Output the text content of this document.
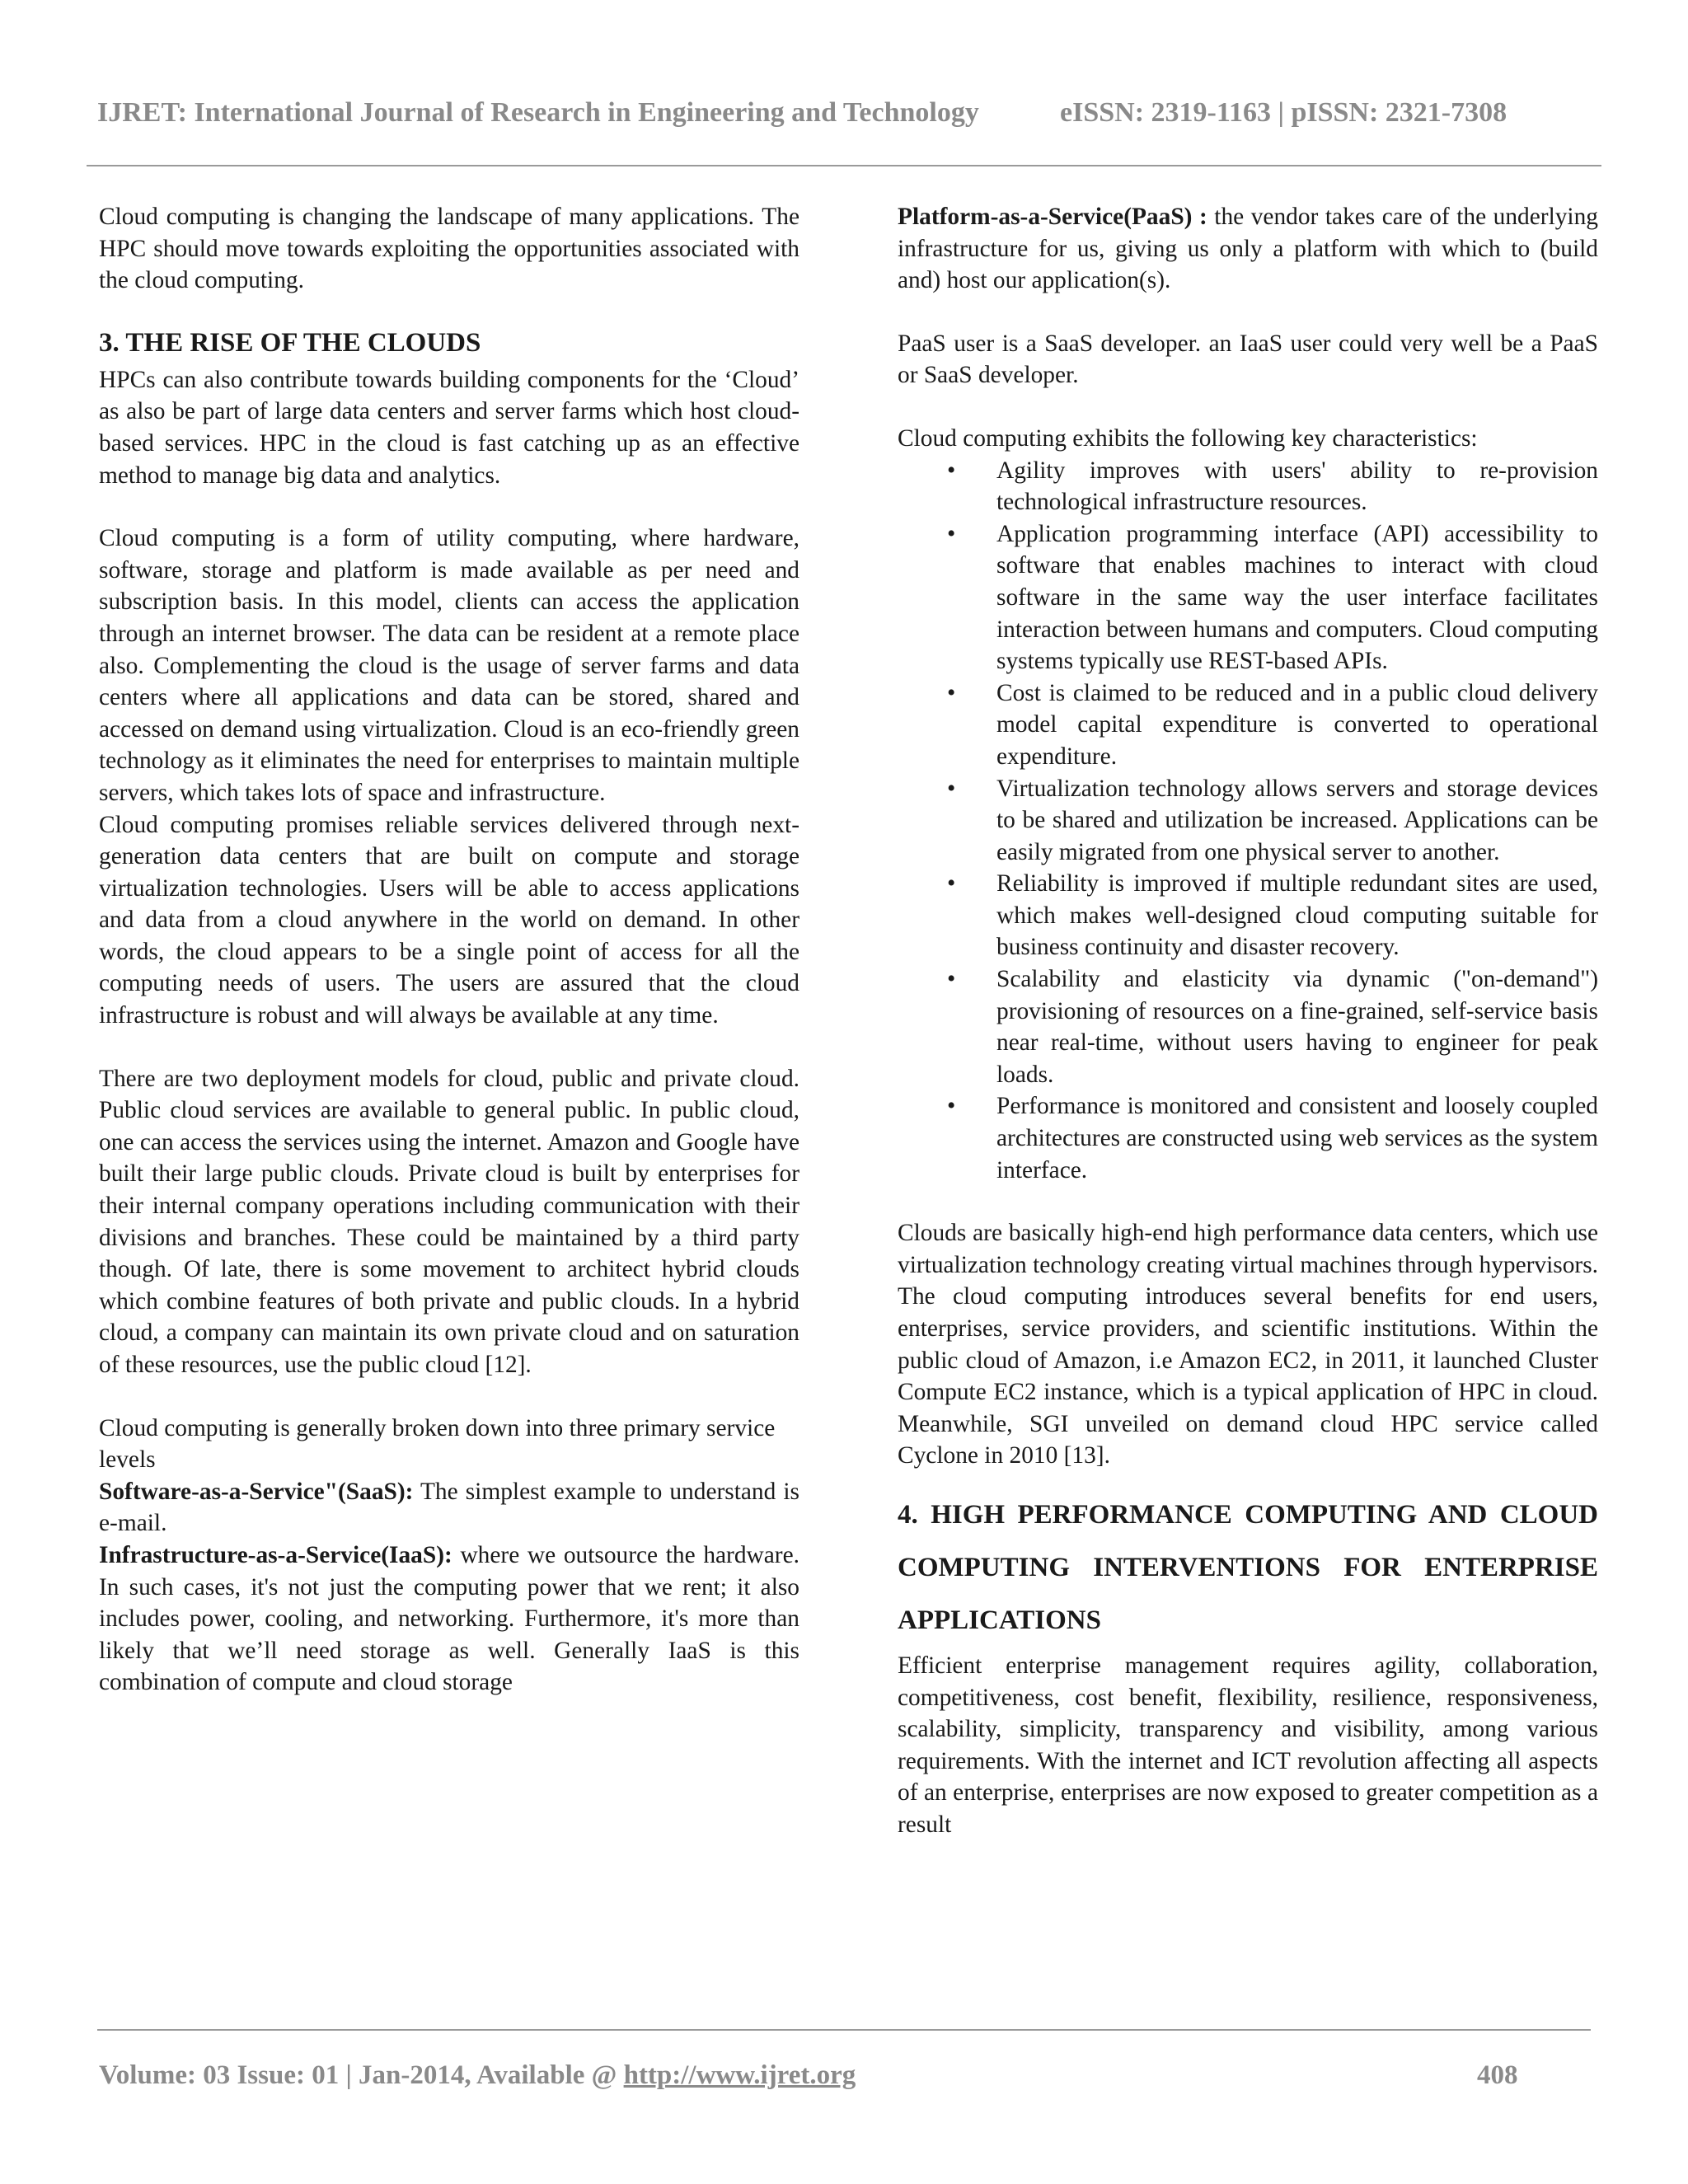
IJRET: International Journal of Research in Engineering and Technology	eISSN: 2319-1163 | pISSN: 2321-7308

Cloud computing is changing the landscape of many applications. The HPC should move towards exploiting the opportunities associated with the cloud computing.

3. THE RISE OF THE CLOUDS

HPCs can also contribute towards building components for the ‘Cloud’ as also be part of large data centers and server farms which host cloud-based services. HPC in the cloud is fast catching up as an effective method to manage big data and analytics.

Cloud computing is a form of utility computing, where hardware, software, storage and platform is made available as per need and subscription basis. In this model, clients can access the application through an internet browser. The data can be resident at a remote place also. Complementing the cloud is the usage of server farms and data centers where all applications and data can be stored, shared and accessed on demand using virtualization. Cloud is an eco-friendly green technology as it eliminates the need for enterprises to maintain multiple servers, which takes lots of space and infrastructure.

Cloud computing promises reliable services delivered through next-generation data centers that are built on compute and storage virtualization technologies. Users will be able to access applications and data from a cloud anywhere in the world on demand. In other words, the cloud appears to be a single point of access for all the computing needs of users. The users are assured that the cloud infrastructure is robust and will always be available at any time.

There are two deployment models for cloud, public and private cloud. Public cloud services are available to general public. In public cloud, one can access the services using the internet. Amazon and Google have built their large public clouds. Private cloud is built by enterprises for their internal company operations including communication with their divisions and branches. These could be maintained by a third party though. Of late, there is some movement to architect hybrid clouds which combine features of both private and public clouds. In a hybrid cloud, a company can maintain its own private cloud and on saturation of these resources, use the public cloud [12].

Cloud computing is generally broken down into three primary service levels

Software-as-a-Service"(SaaS): The simplest example to understand is e-mail.

Infrastructure-as-a-Service(IaaS): where we outsource the hardware. In such cases, it's not just the computing power that we rent; it also includes power, cooling, and networking. Furthermore, it's more than likely that we’ll need storage as well. Generally IaaS is this combination of compute and cloud storage

Platform-as-a-Service(PaaS) : the vendor takes care of the underlying infrastructure for us, giving us only a platform with which to (build and) host our application(s).

PaaS user is a SaaS developer. an IaaS user could very well be a PaaS or SaaS developer.

Cloud computing exhibits the following key characteristics:

• Agility improves with users' ability to re-provision technological infrastructure resources.
• Application programming interface (API) accessibility to software that enables machines to interact with cloud software in the same way the user interface facilitates interaction between humans and computers. Cloud computing systems typically use REST-based APIs.
• Cost is claimed to be reduced and in a public cloud delivery model capital expenditure is converted to operational expenditure.
• Virtualization technology allows servers and storage devices to be shared and utilization be increased. Applications can be easily migrated from one physical server to another.
• Reliability is improved if multiple redundant sites are used, which makes well-designed cloud computing suitable for business continuity and disaster recovery.
• Scalability and elasticity via dynamic ("on-demand") provisioning of resources on a fine-grained, self-service basis near real-time, without users having to engineer for peak loads.
• Performance is monitored and consistent and loosely coupled architectures are constructed using web services as the system interface.

Clouds are basically high-end high performance data centers, which use virtualization technology creating virtual machines through hypervisors. The cloud computing introduces several benefits for end users, enterprises, service providers, and scientific institutions. Within the public cloud of Amazon, i.e Amazon EC2, in 2011, it launched Cluster Compute EC2 instance, which is a typical application of HPC in cloud. Meanwhile, SGI unveiled on demand cloud HPC service called Cyclone in 2010 [13].

4. HIGH PERFORMANCE COMPUTING AND CLOUD COMPUTING INTERVENTIONS FOR ENTERPRISE APPLICATIONS

Efficient enterprise management requires agility, collaboration, competitiveness, cost benefit, flexibility, resilience, responsiveness, scalability, simplicity, transparency and visibility, among various requirements. With the internet and ICT revolution affecting all aspects of an enterprise, enterprises are now exposed to greater competition as a result

Volume: 03 Issue: 01 | Jan-2014, Available @ http://www.ijret.org	408
